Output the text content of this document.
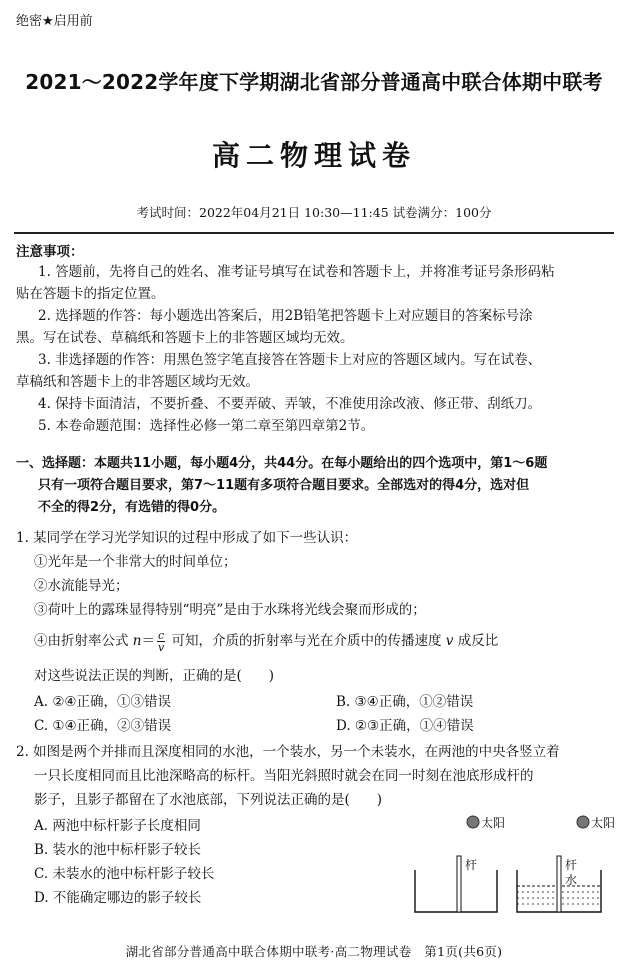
绝密★启用前
2021～2022学年度下学期湖北省部分普通高中联合体期中联考
高二物理试卷
考试时间：2022年04月21日 10:30—11:45 试卷满分：100分
注意事项：
1. 答题前，先将自己的姓名、准考证号填写在试卷和答题卡上，并将准考证号条形码粘
贴在答题卡的指定位置。
2. 选择题的作答：每小题选出答案后，用2B铅笔把答题卡上对应题目的答案标号涂
黑。写在试卷、草稿纸和答题卡上的非答题区域均无效。
3. 非选择题的作答：用黑色签字笔直接答在答题卡上对应的答题区域内。写在试卷、
草稿纸和答题卡上的非答题区域均无效。
4. 保持卡面清洁，不要折叠、不要弄破、弄皱，不准使用涂改液、修正带、刮纸刀。
5. 本卷命题范围：选择性必修一第二章至第四章第2节。
一、选择题：本题共11小题，每小题4分，共44分。在每小题给出的四个选项中，第1～6题
只有一项符合题目要求，第7～11题有多项符合题目要求。全部选对的得4分，选对但
不全的得2分，有选错的得0分。
1. 某同学在学习光学知识的过程中形成了如下一些认识：
①光年是一个非常大的时间单位；
②水流能导光；
③荷叶上的露珠显得特别“明亮”是由于水珠将光线会聚而形成的；
④由折射率公式 $n= \frac{c}{v}$ 可知，介质的折射率与光在介质中的传播速度 v 成反比
对这些说法正误的判断，正确的是(　　)
A. ②④正确，①③错误	B. ③④正确，①②错误
C. ①④正确，②③错误	D. ②③正确，①④错误
2. 如图是两个并排而且深度相同的水池，一个装水，另一个未装水，在两池的中央各竖立着
一只长度相同而且比池深略高的标杆。当阳光斜照时就会在同一时刻在池底形成杆的
影子，且影子都留在了水池底部，下列说法正确的是(　　)
A. 两池中标杆影子长度相同
B. 装水的池中标杆影子较长
C. 未装水的池中标杆影子较长
D. 不能确定哪边的影子较长
太阳	太阳
杆	杆
水
湖北省部分普通高中联合体期中联考·高二物理试卷　第1页(共6页)
